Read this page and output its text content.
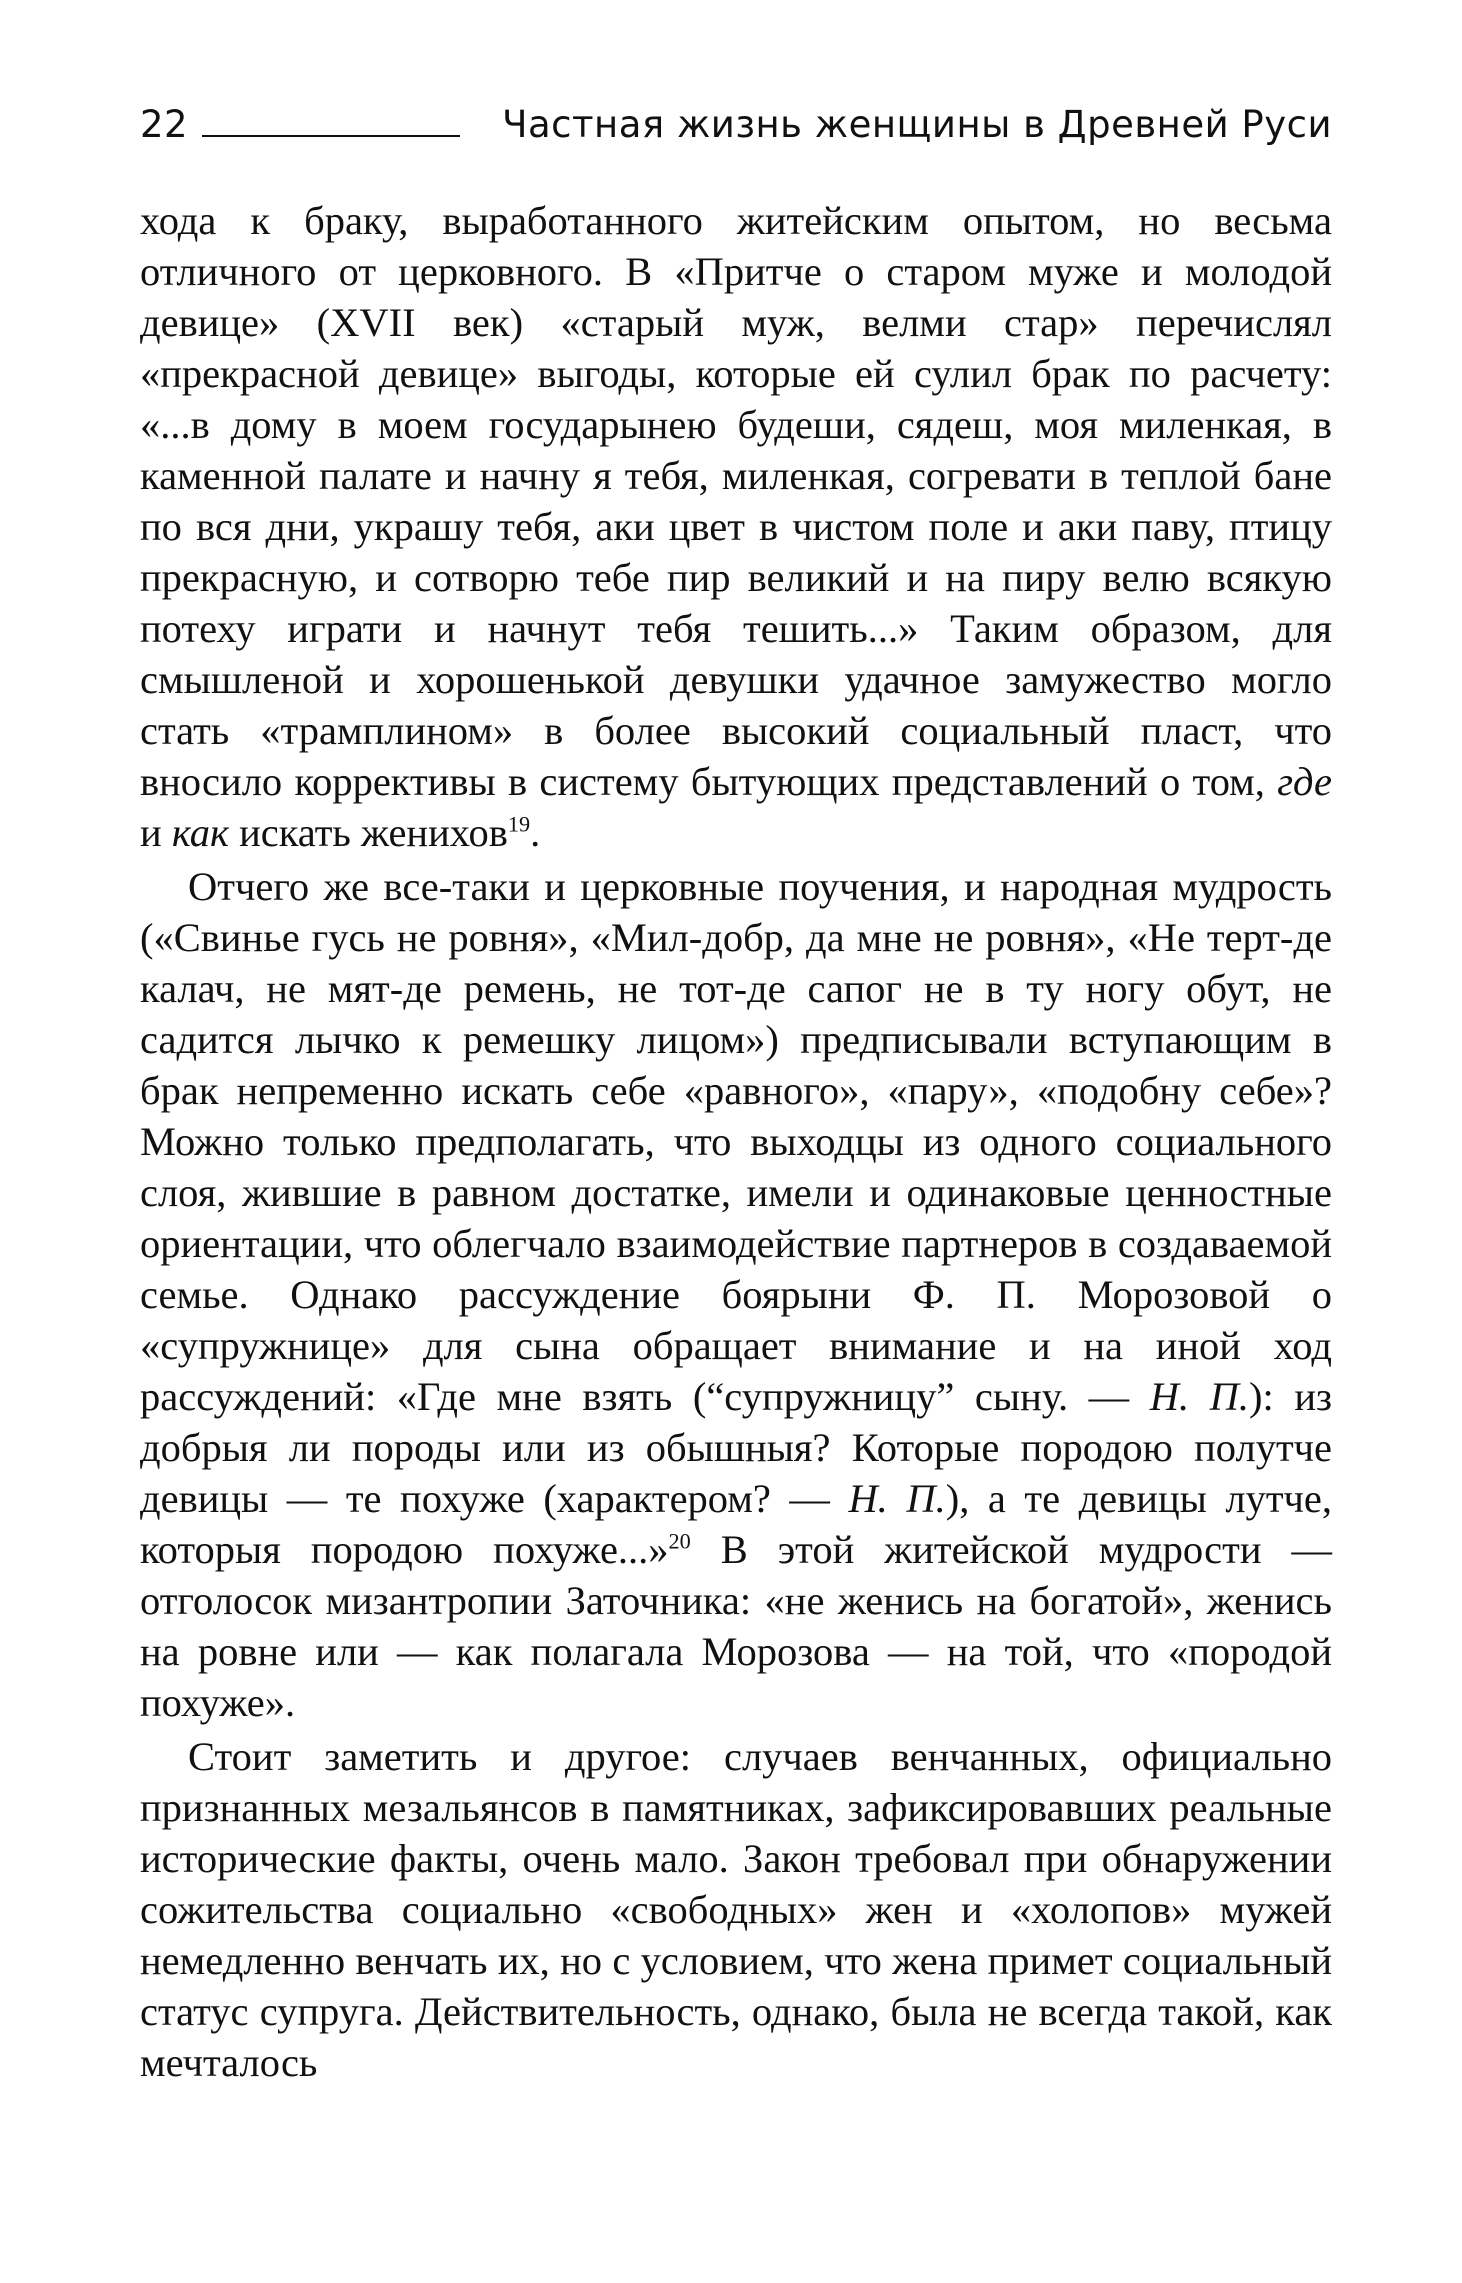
22	Частная жизнь женщины в Древней Руси

хода к браку, выработанного житейским опытом, но весьма отличного от церковного. В «Притче о старом муже и молодой девице» (XVII век) «старый муж, велми стар» перечислял «прекрасной девице» выгоды, которые ей сулил брак по расчету: «...в дому в моем государынею будеши, сядеш, моя миленкая, в каменной палате и начну я тебя, миленкая, согревати в теплой бане по вся дни, украшу тебя, аки цвет в чистом поле и аки паву, птицу прекрасную, и сотворю тебе пир великий и на пиру велю всякую потеху играти и начнут тебя тешить...» Таким образом, для смышленой и хорошенькой девушки удачное замужество могло стать «трамплином» в более высокий социальный пласт, что вносило коррективы в систему бытующих представлений о том, где и как искать женихов$^{19}$.

Отчего же все-таки и церковные поучения, и народная мудрость («Свинье гусь не ровня», «Мил-добр, да мне не ровня», «Не терт-де калач, не мят-де ремень, не тот-де сапог не в ту ногу обут, не садится лычко к ремешку лицом») предписывали вступающим в брак непременно искать себе «равного», «пару», «подобну себе»? Можно только предполагать, что выходцы из одного социального слоя, жившие в равном достатке, имели и одинаковые ценностные ориентации, что облегчало взаимодействие партнеров в создаваемой семье. Однако рассуждение боярыни Ф. П. Морозовой о «супружнице» для сына обращает внимание и на иной ход рассуждений: «Где мне взять (“супружницу” сыну. — Н. П.): из добрыя ли породы или из обышныя? Которые породою полутче девицы — те похуже (характером? — Н. П.), а те девицы лутче, которыя породою похуже...»$^{20}$ В этой житейской мудрости — отголосок мизантропии Заточника: «не женись на богатой», женись на ровне или — как полагала Морозова — на той, что «породой похуже».

Стоит заметить и другое: случаев венчанных, официально признанных мезальянсов в памятниках, зафиксировавших реальные исторические факты, очень мало. Закон требовал при обнаружении сожительства социально «свободных» жен и «холопов» мужей немедленно венчать их, но с условием, что жена примет социальный статус супруга. Действительность, однако, была не всегда такой, как мечталось
